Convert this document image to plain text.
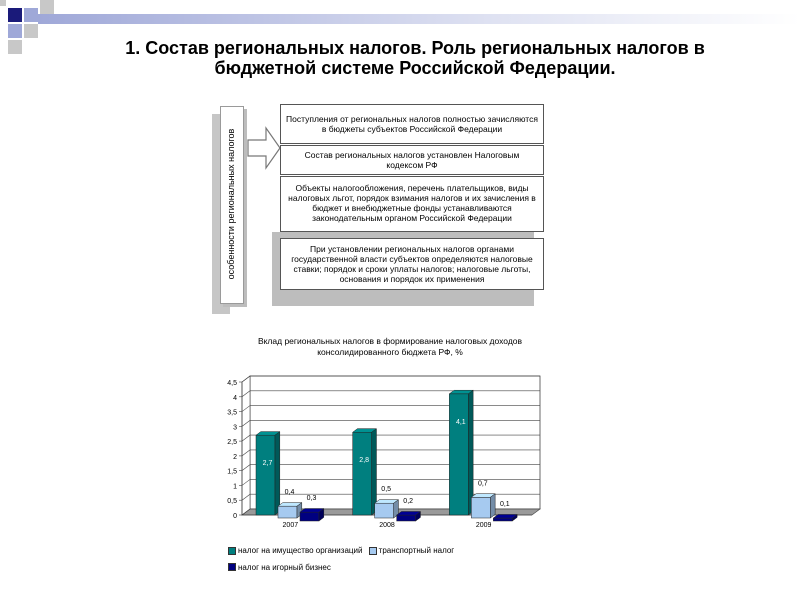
1. Состав региональных налогов. Роль региональных налогов в
бюджетной системе Российской Федерации.
особенности региональных налогов
Поступления от региональных налогов полностью зачисляются в бюджеты субъектов Российской Федерации
Состав региональных налогов установлен Налоговым кодексом РФ
Объекты налогообложения, перечень плательщиков, виды налоговых льгот, порядок взимания налогов и их зачисления в бюджет и внебюджетные фонды устанавливаются законодательным органом Российской Федерации
При установлении региональных налогов органами государственной власти субъектов определяются налоговые ставки; порядок и сроки уплаты налогов; налоговые льготы, основания и порядок их применения
Вклад региональных налогов в формирование налоговых доходов консолидированного бюджета РФ, %
0
0,5
1
1,5
2
2,5
3
3,5
4
4,5
2,7
0,4
0,3
2007
2,8
0,5
0,2
2008
4,1
0,7
0,1
2009
налог на имущество организаций
транспортный налог
налог на игорный бизнес
